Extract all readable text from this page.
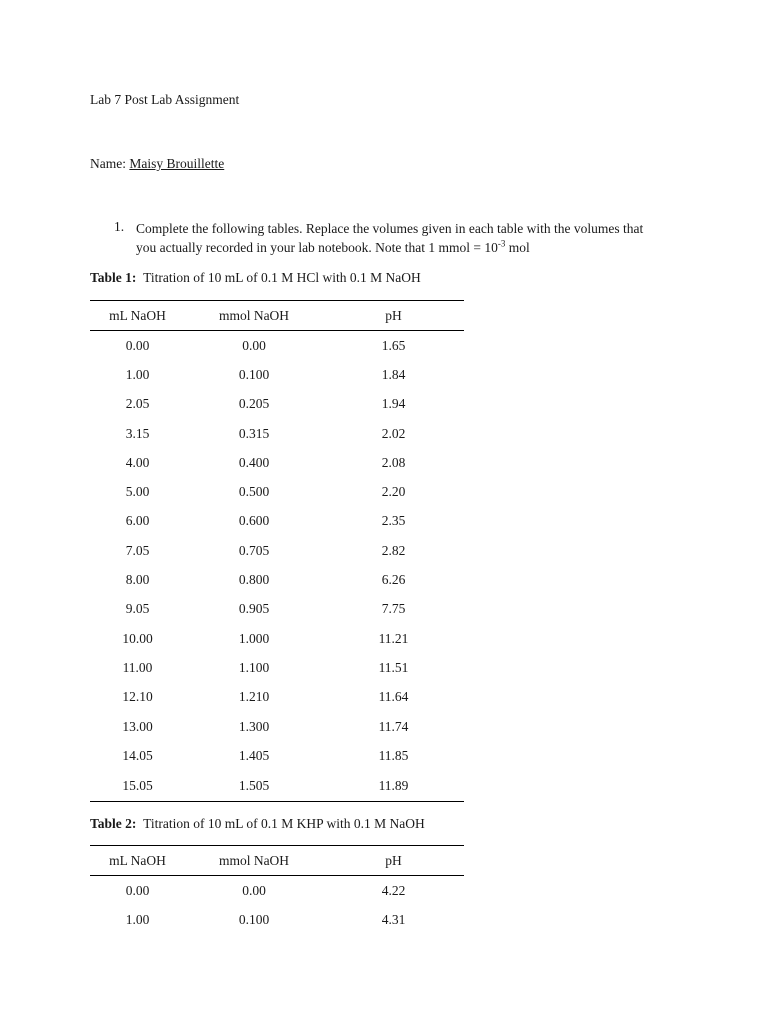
Lab 7 Post Lab Assignment
Name: Maisy Brouillette
1. Complete the following tables. Replace the volumes given in each table with the volumes that
you actually recorded in your lab notebook. Note that 1 mmol = $10^{-3}$ mol
Table 1: Titration of 10 mL of 0.1 M HCl with 0.1 M NaOH
mL NaOH	mmol NaOH	pH
0.00	0.00	1.65
1.00	0.100	1.84
2.05	0.205	1.94
3.15	0.315	2.02
4.00	0.400	2.08
5.00	0.500	2.20
6.00	0.600	2.35
7.05	0.705	2.82
8.00	0.800	6.26
9.05	0.905	7.75
10.00	1.000	11.21
11.00	1.100	11.51
12.10	1.210	11.64
13.00	1.300	11.74
14.05	1.405	11.85
15.05	1.505	11.89
Table 2: Titration of 10 mL of 0.1 M KHP with 0.1 M NaOH
mL NaOH	mmol NaOH	pH
0.00	0.00	4.22
1.00	0.100	4.31
